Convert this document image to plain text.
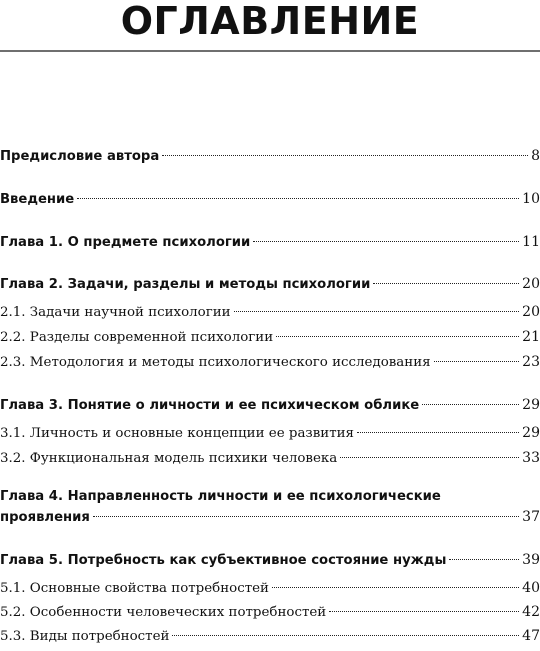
ОГЛАВЛЕНИЕ
Предисловие автора	8
Введение	10
Глава 1. О предмете психологии	11
Глава 2. Задачи, разделы и методы психологии	20
2.1. Задачи научной психологии	20
2.2. Разделы современной психологии	21
2.3. Методология и методы психологического исследования	23
Глава 3. Понятие о личности и ее психическом облике	29
3.1. Личность и основные концепции ее развития	29
3.2. Функциональная модель психики человека	33
Глава 4. Направленность личности и ее психологические
проявления	37
Глава 5. Потребность как субъективное состояние нужды	39
5.1. Основные свойства потребностей	40
5.2. Особенности человеческих потребностей	42
5.3. Виды потребностей	47
